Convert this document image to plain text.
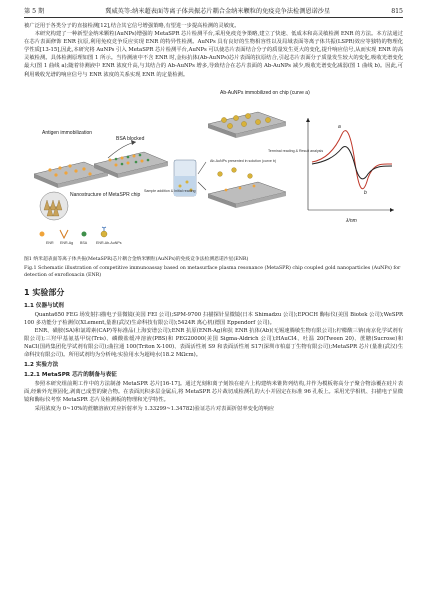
第 5 期	冀威英等:纳米超表面等离子体共振芯片耦合金纳米颗粒的免疫竞争法检测恩诺沙星	815

被广泛用于各类分子的直接检测[12],结合其它信号增强策略,有望进一步提高检测的灵敏度。

本研究构建了一种新型金纳米颗粒(AuNPs)增强的 MetaSPR 芯片检测平台,采用免疫竞争策略,建立了快速、低成本和高灵敏检测 ENR 的方法。本方法通过在芯片表面修饰 ENR 抗原,利用免疫竞争反应实现 ENR 的特异性检测。AuNPs 具有良好的生物相容性以及局域表面等离子体共振(LSPR)效应等独特的物理化学性质[13-15],因此,本研究将 AuNPs 引入 MetaSPR 芯片检测平台,AuNPs 可以使芯片表面结合分子的质量发生更大的变化,提升响应信号,从而实现 ENR 的高灵敏检测。具体检测原理如图 1 所示。当待测液中不含 ENR 时,金标抗体(Ab-AuNPs)芯片表面的抗原结合,引起芯片表面分子质量发生较大的变化,吸收光谱变化最大(图 1 曲线 a);随着待测液中 ENR 浓度升高,与其结合的 Ab-AuNPs 增多,导致结合在芯片表面的 Ab-AuNPs 减少,吸收光谱变化减弱(图 1 曲线 b)。因此,可利用吸收光谱的响应信号与 ENR 浓度的关系实现 ENR 的定量检测。

Antigen immobilization
BSA blocked
Nanostructure of MetaSPR chip
ENR ENR-Ag BSA ENR-Ab-AuNPs
Sample addition & Initial reading
Ab-AuNPs immobilized on chip (curve a)
Ab-AuNPs presented in solution (curve b)
Terminal reading & Result analysis
a
b
λ/nm

图1 纳米超表面等离子体共振(MetaSPR)芯片耦合金纳米颗粒(AuNPs)的免疫竞争法检测恩诺沙星(ENR)

Fig.1 Schematic illustration of competitive immunoassay based on metasurface plasma resonance (MetaSPR) chip coupled gold nanoparticles (AuNPs) for detection of enrofloxacin (ENR)

1 实验部分
1.1 仪器与试剂

Quanta650 FEG 场发射扫描电子显微镜(美国 FEI 公司);SPM-9700 扫描探针显微镜(日本 Shimadzu 公司);EPOCH 酶标仪(美国 Biotek 公司);WeSPR 100 多功能分子检测仪(XLement,量准(武汉)生命科技有限公司);5424R 离心机(德国 Eppendorf 公司)。

ENR、磺胺(SA)和氯霉素(CAP)等标准品(上海安谱公司);ENR 抗原(ENR-Ag)和抗 ENR 抗体(Ab)(无锡速腾敏生物有限公司);柠檬酸三钠(南京化学试剂有限公司);三羟甲基氨基甲烷(Tris)、磷酸盐缓冲溶液(PBS)和 PEG20000(美国 Sigma-Aldrich 公司);HAuCl4、吐温 20(Tween 20)、蔗糖(Sucrose)和 NaCl(国药集团化学试剂有限公司);曲拉通 100(Triton X-100)、表面活性剂 S9 和表面活性剂 S17(深圳市柏嘉丁生物有限公司);MetaSPR 芯片(量准(武汉)生命科技有限公司)。所用试剂均为分析纯;实验用水为超纯水(18.2 MΩcm)。

1.2 实验方法
1.2.1 MetaSPR 芯片的制备与表征

参照本研究组前期工作中的方法制备 MetaSPR 芯片[16-17]。通过光刻和离子刻蚀在硅片上构建纳米锥阵列结构,并作为模板将高分子聚合物涂覆在硅片表面,经紫外光照固化,剥离已成型的聚合物。在表面沉积多层金属后,将 MetaSPR 芯片裁切成检测孔的大小并固定在标准 96 孔板上。采用光学相机、扫描电子显微镜和酶标仪考察 MetaSPR 芯片及检测板的物理和光学特性。

采用浓度为 0~10%的蔗糖溶液(对应折射率为 1.33299~1.34782)验证芯片对表面折射率变化的响应
